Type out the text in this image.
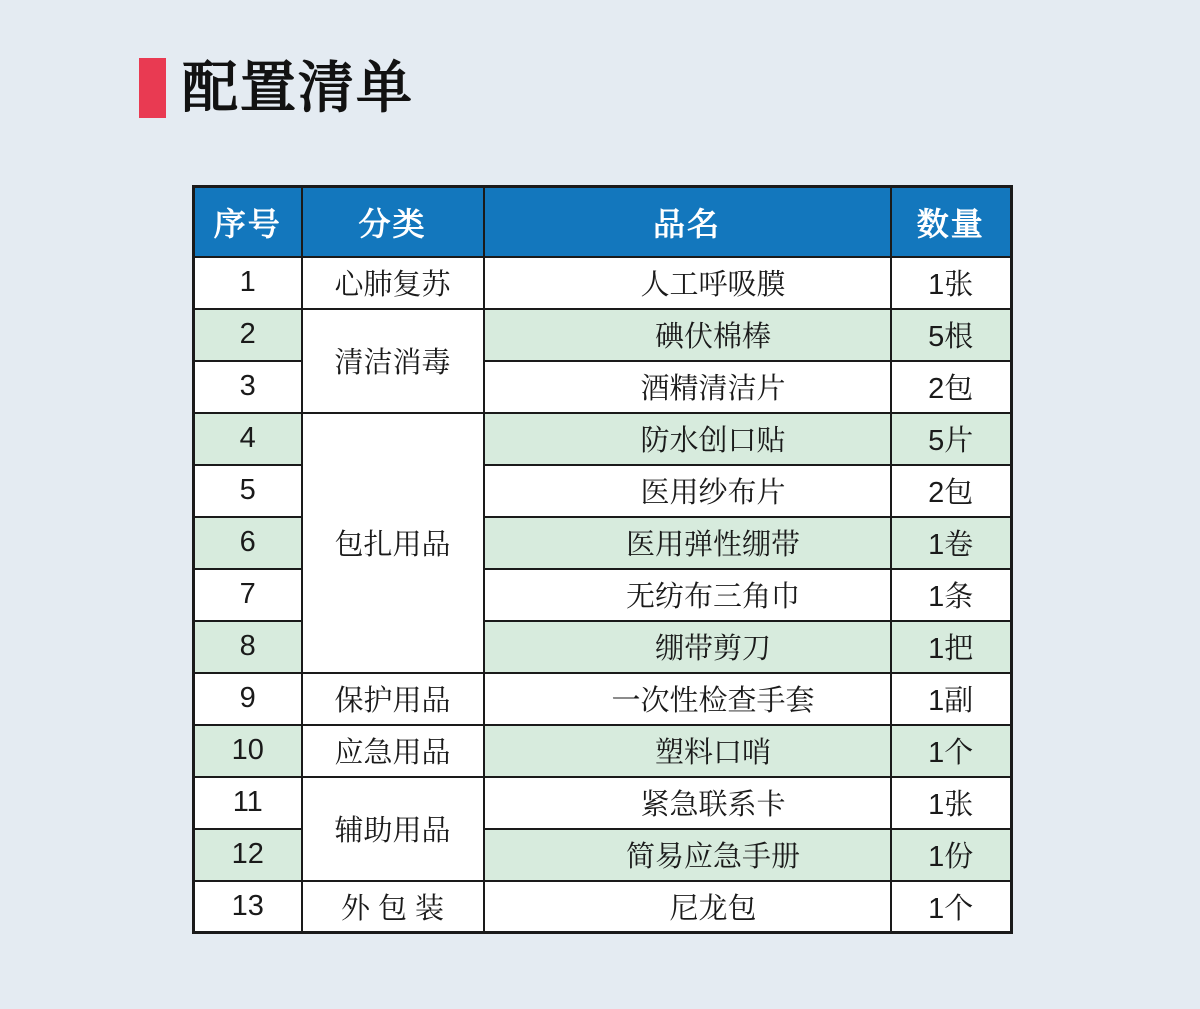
配置清单
序号	分类	品名	数量
1	心肺复苏	人工呼吸膜	1张
2	清洁消毒	碘伏棉棒	5根
3		酒精清洁片	2包
4	包扎用品	防水创口贴	5片
5		医用纱布片	2包
6		医用弹性绷带	1卷
7		无纺布三角巾	1条
8		绷带剪刀	1把
9	保护用品	一次性检查手套	1副
10	应急用品	塑料口哨	1个
11	辅助用品	紧急联系卡	1张
12		简易应急手册	1份
13	外 包 装	尼龙包	1个
